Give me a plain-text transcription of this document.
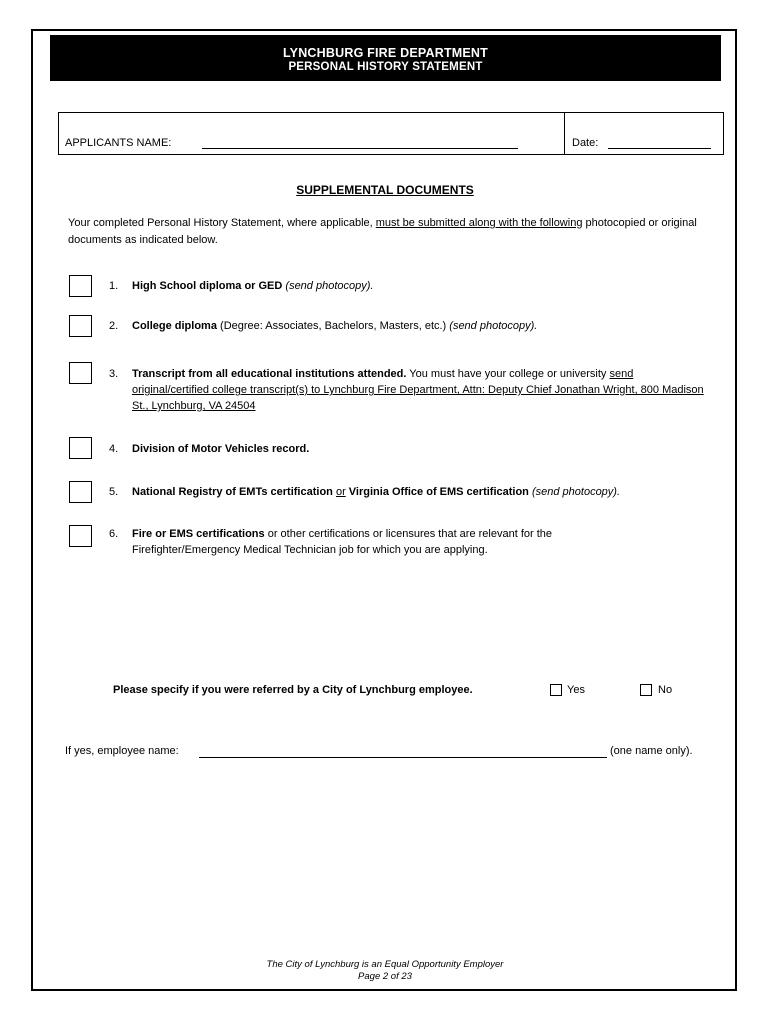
LYNCHBURG FIRE DEPARTMENT
PERSONAL HISTORY STATEMENT
APPLICANTS NAME:	Date:
SUPPLEMENTAL DOCUMENTS
Your completed Personal History Statement, where applicable, must be submitted along with the following photocopied or original documents as indicated below.
1. High School diploma or GED (send photocopy).
2. College diploma (Degree: Associates, Bachelors, Masters, etc.) (send photocopy).
3. Transcript from all educational institutions attended. You must have your college or university send original/certified college transcript(s) to Lynchburg Fire Department, Attn: Deputy Chief Jonathan Wright, 800 Madison St., Lynchburg, VA 24504
4. Division of Motor Vehicles record.
5. National Registry of EMTs certification or Virginia Office of EMS certification (send photocopy).
6. Fire or EMS certifications or other certifications or licensures that are relevant for the Firefighter/Emergency Medical Technician job for which you are applying.
Please specify if you were referred by a City of Lynchburg employee.	Yes	No
If yes, employee name:	(one name only).
The City of Lynchburg is an Equal Opportunity Employer
Page 2 of 23
